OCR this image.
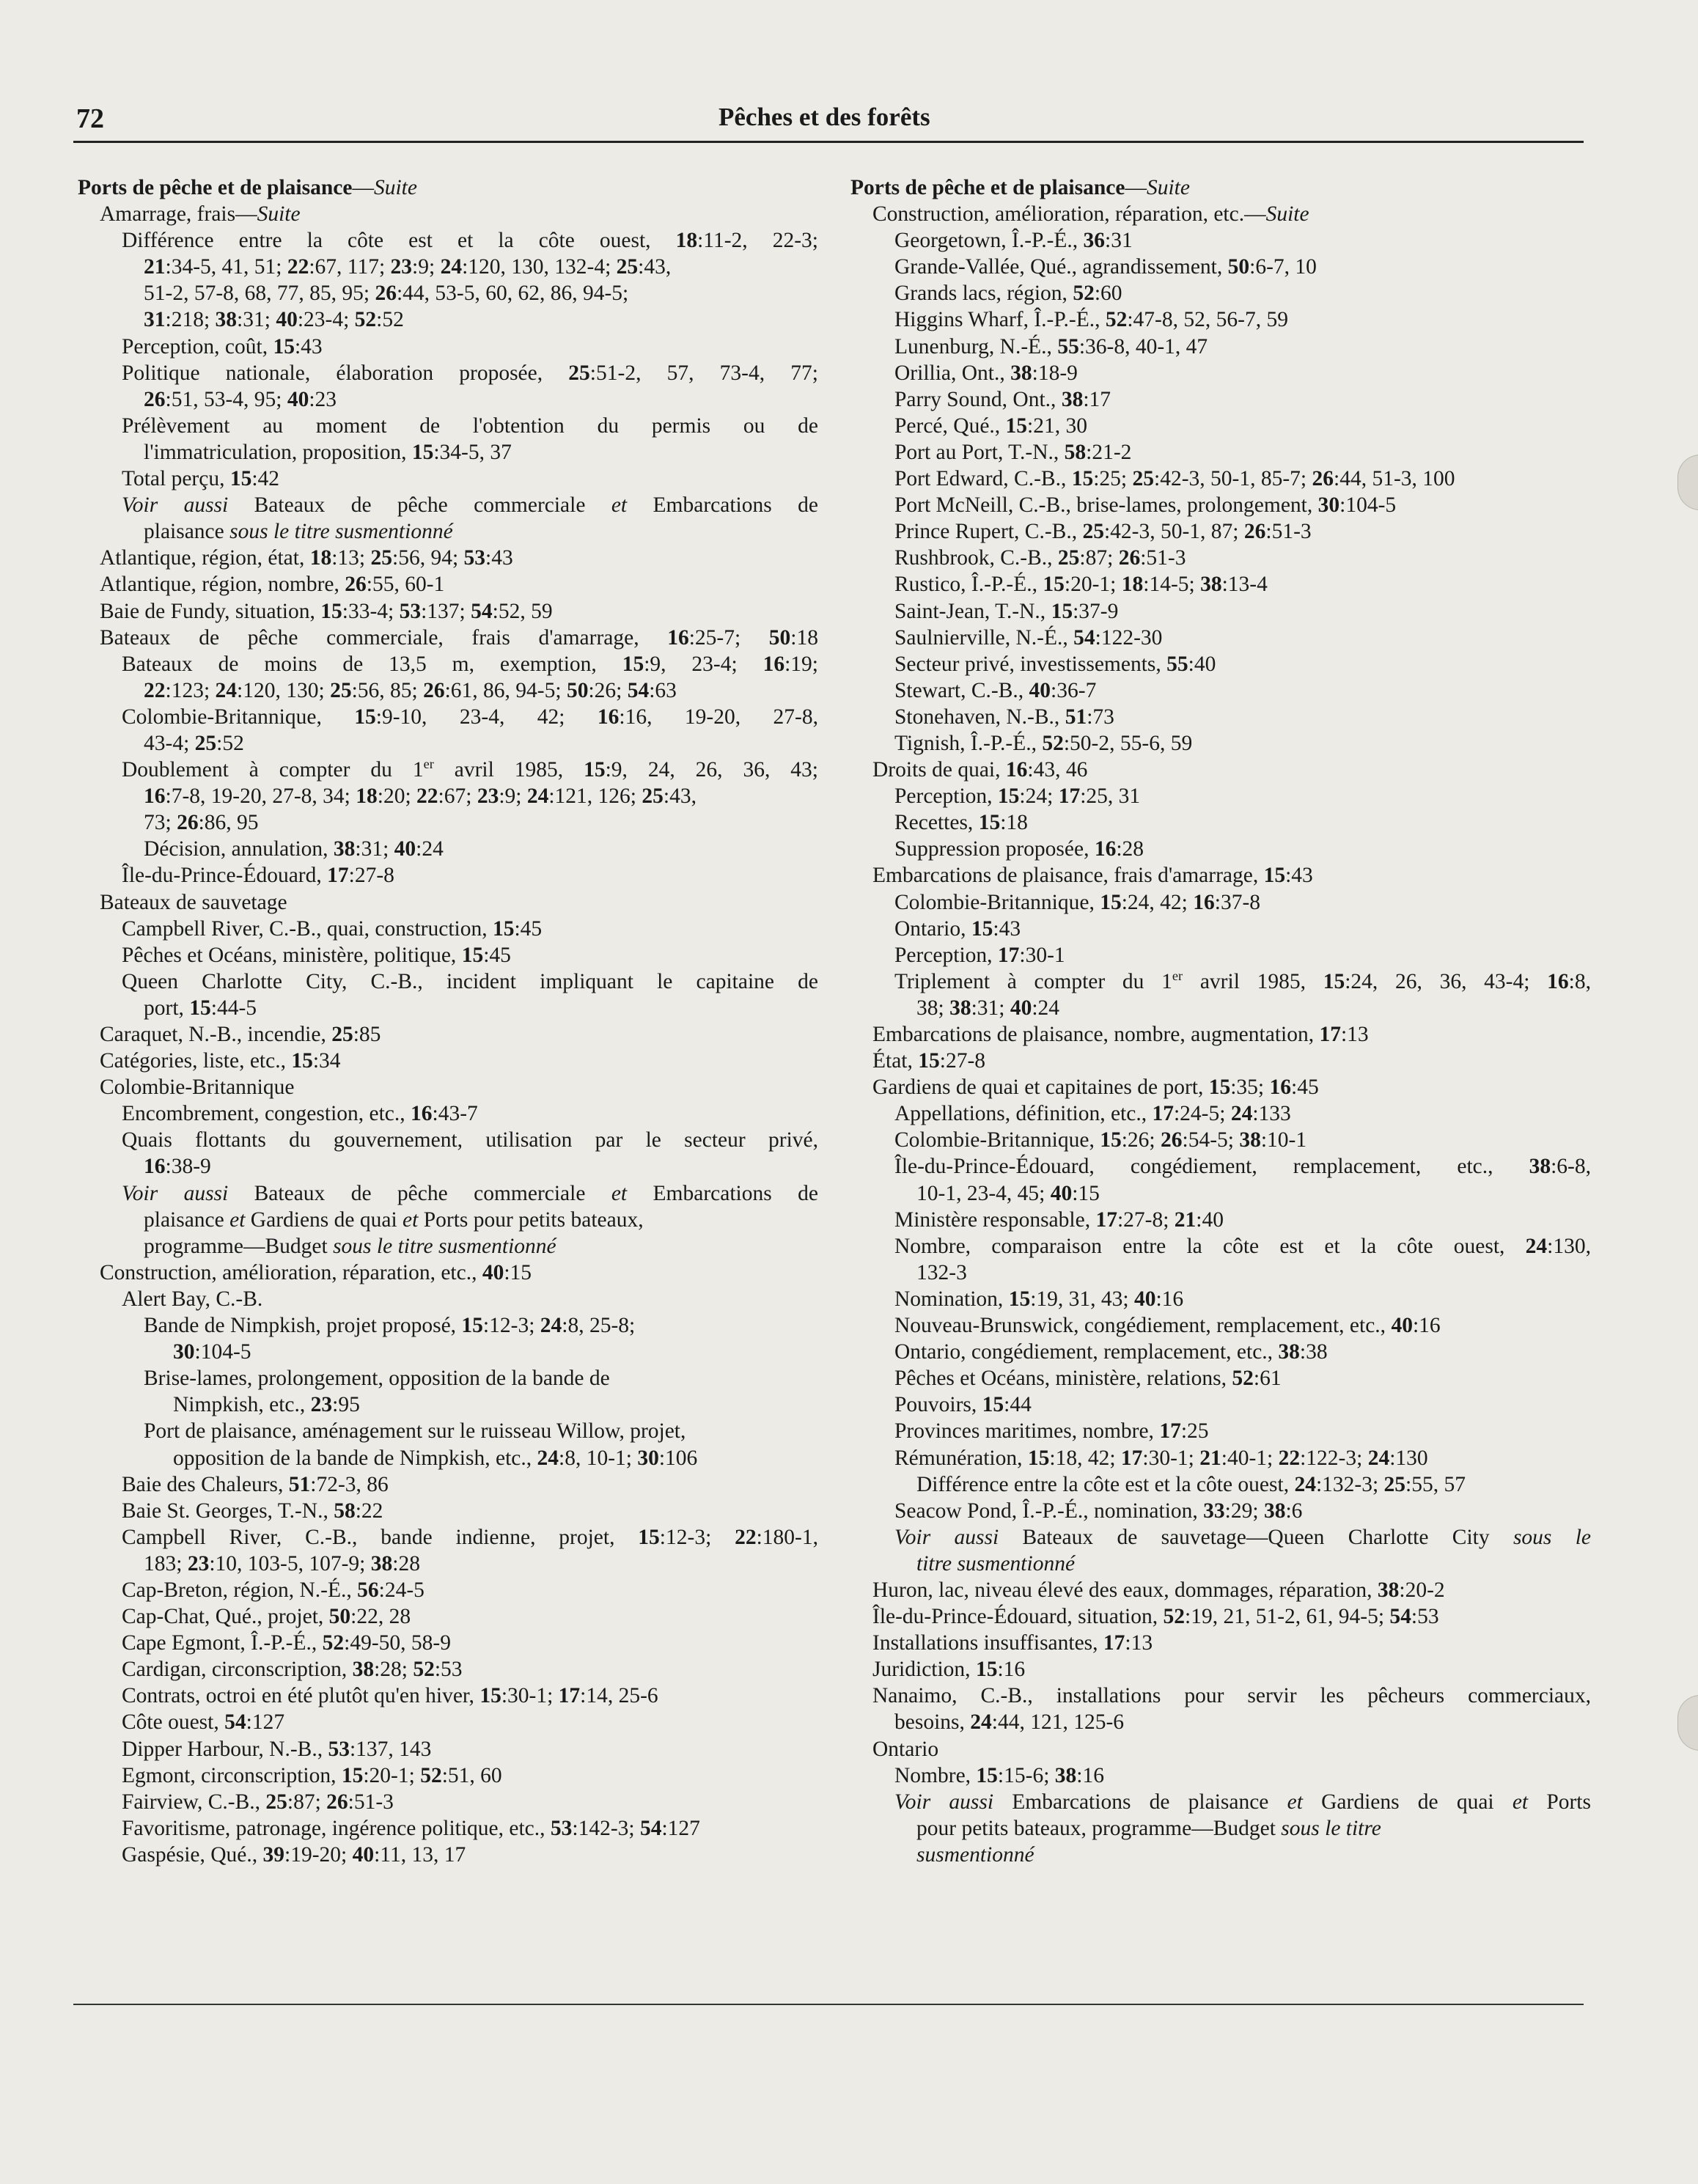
72	Pêches et des forêts
Ports de pêche et de plaisance—Suite
Amarrage, frais—Suite
Différence entre la côte est et la côte ouest, 18:11-2, 22-3;
21:34-5, 41, 51; 22:67, 117; 23:9; 24:120, 130, 132-4; 25:43,
51-2, 57-8, 68, 77, 85, 95; 26:44, 53-5, 60, 62, 86, 94-5;
31:218; 38:31; 40:23-4; 52:52
Perception, coût, 15:43
Politique nationale, élaboration proposée, 25:51-2, 57, 73-4, 77;
26:51, 53-4, 95; 40:23
Prélèvement au moment de l'obtention du permis ou de
l'immatriculation, proposition, 15:34-5, 37
Total perçu, 15:42
Voir aussi Bateaux de pêche commerciale et Embarcations de
plaisance sous le titre susmentionné
Atlantique, région, état, 18:13; 25:56, 94; 53:43
Atlantique, région, nombre, 26:55, 60-1
Baie de Fundy, situation, 15:33-4; 53:137; 54:52, 59
Bateaux de pêche commerciale, frais d'amarrage, 16:25-7; 50:18
Bateaux de moins de 13,5 m, exemption, 15:9, 23-4; 16:19;
22:123; 24:120, 130; 25:56, 85; 26:61, 86, 94-5; 50:26; 54:63
Colombie-Britannique, 15:9-10, 23-4, 42; 16:16, 19-20, 27-8,
43-4; 25:52
Doublement à compter du 1er avril 1985, 15:9, 24, 26, 36, 43;
16:7-8, 19-20, 27-8, 34; 18:20; 22:67; 23:9; 24:121, 126; 25:43,
73; 26:86, 95
Décision, annulation, 38:31; 40:24
Île-du-Prince-Édouard, 17:27-8
Bateaux de sauvetage
Campbell River, C.-B., quai, construction, 15:45
Pêches et Océans, ministère, politique, 15:45
Queen Charlotte City, C.-B., incident impliquant le capitaine de
port, 15:44-5
Caraquet, N.-B., incendie, 25:85
Catégories, liste, etc., 15:34
Colombie-Britannique
Encombrement, congestion, etc., 16:43-7
Quais flottants du gouvernement, utilisation par le secteur privé,
16:38-9
Voir aussi Bateaux de pêche commerciale et Embarcations de
plaisance et Gardiens de quai et Ports pour petits bateaux,
programme—Budget sous le titre susmentionné
Construction, amélioration, réparation, etc., 40:15
Alert Bay, C.-B.
Bande de Nimpkish, projet proposé, 15:12-3; 24:8, 25-8;
30:104-5
Brise-lames, prolongement, opposition de la bande de
Nimpkish, etc., 23:95
Port de plaisance, aménagement sur le ruisseau Willow, projet,
opposition de la bande de Nimpkish, etc., 24:8, 10-1; 30:106
Baie des Chaleurs, 51:72-3, 86
Baie St. Georges, T.-N., 58:22
Campbell River, C.-B., bande indienne, projet, 15:12-3; 22:180-1,
183; 23:10, 103-5, 107-9; 38:28
Cap-Breton, région, N.-É., 56:24-5
Cap-Chat, Qué., projet, 50:22, 28
Cape Egmont, Î.-P.-É., 52:49-50, 58-9
Cardigan, circonscription, 38:28; 52:53
Contrats, octroi en été plutôt qu'en hiver, 15:30-1; 17:14, 25-6
Côte ouest, 54:127
Dipper Harbour, N.-B., 53:137, 143
Egmont, circonscription, 15:20-1; 52:51, 60
Fairview, C.-B., 25:87; 26:51-3
Favoritisme, patronage, ingérence politique, etc., 53:142-3; 54:127
Gaspésie, Qué., 39:19-20; 40:11, 13, 17
Ports de pêche et de plaisance—Suite
Construction, amélioration, réparation, etc.—Suite
Georgetown, Î.-P.-É., 36:31
Grande-Vallée, Qué., agrandissement, 50:6-7, 10
Grands lacs, région, 52:60
Higgins Wharf, Î.-P.-É., 52:47-8, 52, 56-7, 59
Lunenburg, N.-É., 55:36-8, 40-1, 47
Orillia, Ont., 38:18-9
Parry Sound, Ont., 38:17
Percé, Qué., 15:21, 30
Port au Port, T.-N., 58:21-2
Port Edward, C.-B., 15:25; 25:42-3, 50-1, 85-7; 26:44, 51-3, 100
Port McNeill, C.-B., brise-lames, prolongement, 30:104-5
Prince Rupert, C.-B., 25:42-3, 50-1, 87; 26:51-3
Rushbrook, C.-B., 25:87; 26:51-3
Rustico, Î.-P.-É., 15:20-1; 18:14-5; 38:13-4
Saint-Jean, T.-N., 15:37-9
Saulnierville, N.-É., 54:122-30
Secteur privé, investissements, 55:40
Stewart, C.-B., 40:36-7
Stonehaven, N.-B., 51:73
Tignish, Î.-P.-É., 52:50-2, 55-6, 59
Droits de quai, 16:43, 46
Perception, 15:24; 17:25, 31
Recettes, 15:18
Suppression proposée, 16:28
Embarcations de plaisance, frais d'amarrage, 15:43
Colombie-Britannique, 15:24, 42; 16:37-8
Ontario, 15:43
Perception, 17:30-1
Triplement à compter du 1er avril 1985, 15:24, 26, 36, 43-4; 16:8,
38; 38:31; 40:24
Embarcations de plaisance, nombre, augmentation, 17:13
État, 15:27-8
Gardiens de quai et capitaines de port, 15:35; 16:45
Appellations, définition, etc., 17:24-5; 24:133
Colombie-Britannique, 15:26; 26:54-5; 38:10-1
Île-du-Prince-Édouard, congédiement, remplacement, etc., 38:6-8,
10-1, 23-4, 45; 40:15
Ministère responsable, 17:27-8; 21:40
Nombre, comparaison entre la côte est et la côte ouest, 24:130,
132-3
Nomination, 15:19, 31, 43; 40:16
Nouveau-Brunswick, congédiement, remplacement, etc., 40:16
Ontario, congédiement, remplacement, etc., 38:38
Pêches et Océans, ministère, relations, 52:61
Pouvoirs, 15:44
Provinces maritimes, nombre, 17:25
Rémunération, 15:18, 42; 17:30-1; 21:40-1; 22:122-3; 24:130
Différence entre la côte est et la côte ouest, 24:132-3; 25:55, 57
Seacow Pond, Î.-P.-É., nomination, 33:29; 38:6
Voir aussi Bateaux de sauvetage—Queen Charlotte City sous le
titre susmentionné
Huron, lac, niveau élevé des eaux, dommages, réparation, 38:20-2
Île-du-Prince-Édouard, situation, 52:19, 21, 51-2, 61, 94-5; 54:53
Installations insuffisantes, 17:13
Juridiction, 15:16
Nanaimo, C.-B., installations pour servir les pêcheurs commerciaux,
besoins, 24:44, 121, 125-6
Ontario
Nombre, 15:15-6; 38:16
Voir aussi Embarcations de plaisance et Gardiens de quai et Ports
pour petits bateaux, programme—Budget sous le titre
susmentionné
